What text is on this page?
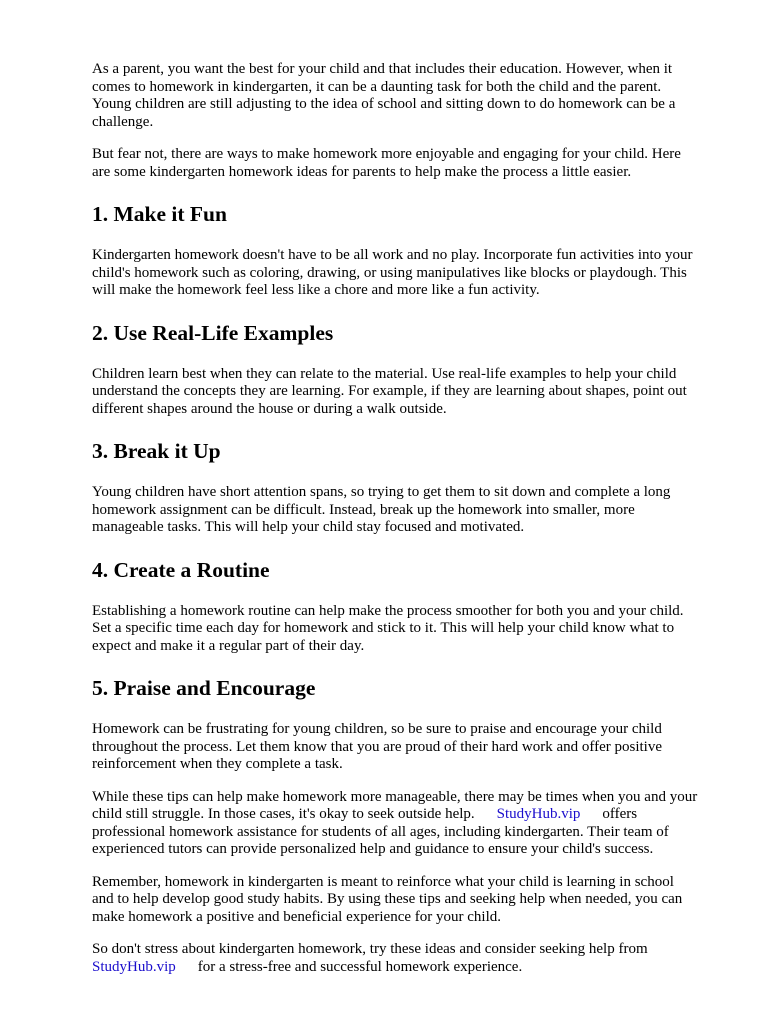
As a parent, you want the best for your child and that includes their education. However, when it comes to homework in kindergarten, it can be a daunting task for both the child and the parent. Young children are still adjusting to the idea of school and sitting down to do homework can be a challenge.

But fear not, there are ways to make homework more enjoyable and engaging for your child. Here are some kindergarten homework ideas for parents to help make the process a little easier.

1. Make it Fun

Kindergarten homework doesn't have to be all work and no play. Incorporate fun activities into your child's homework such as coloring, drawing, or using manipulatives like blocks or playdough. This will make the homework feel less like a chore and more like a fun activity.

2. Use Real-Life Examples

Children learn best when they can relate to the material. Use real-life examples to help your child understand the concepts they are learning. For example, if they are learning about shapes, point out different shapes around the house or during a walk outside.

3. Break it Up

Young children have short attention spans, so trying to get them to sit down and complete a long homework assignment can be difficult. Instead, break up the homework into smaller, more manageable tasks. This will help your child stay focused and motivated.

4. Create a Routine

Establishing a homework routine can help make the process smoother for both you and your child. Set a specific time each day for homework and stick to it. This will help your child know what to expect and make it a regular part of their day.

5. Praise and Encourage

Homework can be frustrating for young children, so be sure to praise and encourage your child throughout the process. Let them know that you are proud of their hard work and offer positive reinforcement when they complete a task.

While these tips can help make homework more manageable, there may be times when you and your child still struggle. In those cases, it's okay to seek outside help. StudyHub.vip offers professional homework assistance for students of all ages, including kindergarten. Their team of experienced tutors can provide personalized help and guidance to ensure your child's success.

Remember, homework in kindergarten is meant to reinforce what your child is learning in school and to help develop good study habits. By using these tips and seeking help when needed, you can make homework a positive and beneficial experience for your child.

So don't stress about kindergarten homework, try these ideas and consider seeking help from StudyHub.vip for a stress-free and successful homework experience.
